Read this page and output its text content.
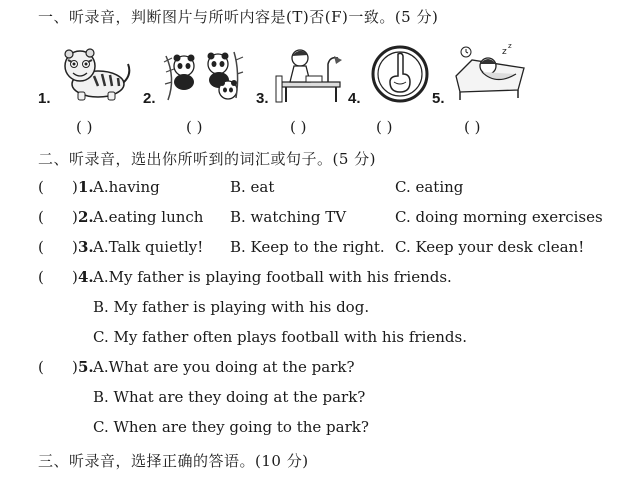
一、听录音，判断图片与所听内容是(T)否(F)一致。(5 分)
1.	2.	3.	4.	5.
z
z
( )	( )	( )	( )	( )
二、听录音，选出你所听到的词汇或句子。(5 分)
( ) 1. A.having	B. eat	C. eating
( ) 2. A.eating lunch B. watching TV	C. doing morning exercises
( ) 3. A.Talk quietly! B. Keep to the right. C. Keep your desk clean!
( ) 4. A.My father is playing football with his friends.
B. My father is playing with his dog.
C. My father often plays football with his friends.
( ) 5. A.What are you doing at the park?
B. What are they doing at the park?
C. When are they going to the park?
三、听录音，选择正确的答语。(10 分)
